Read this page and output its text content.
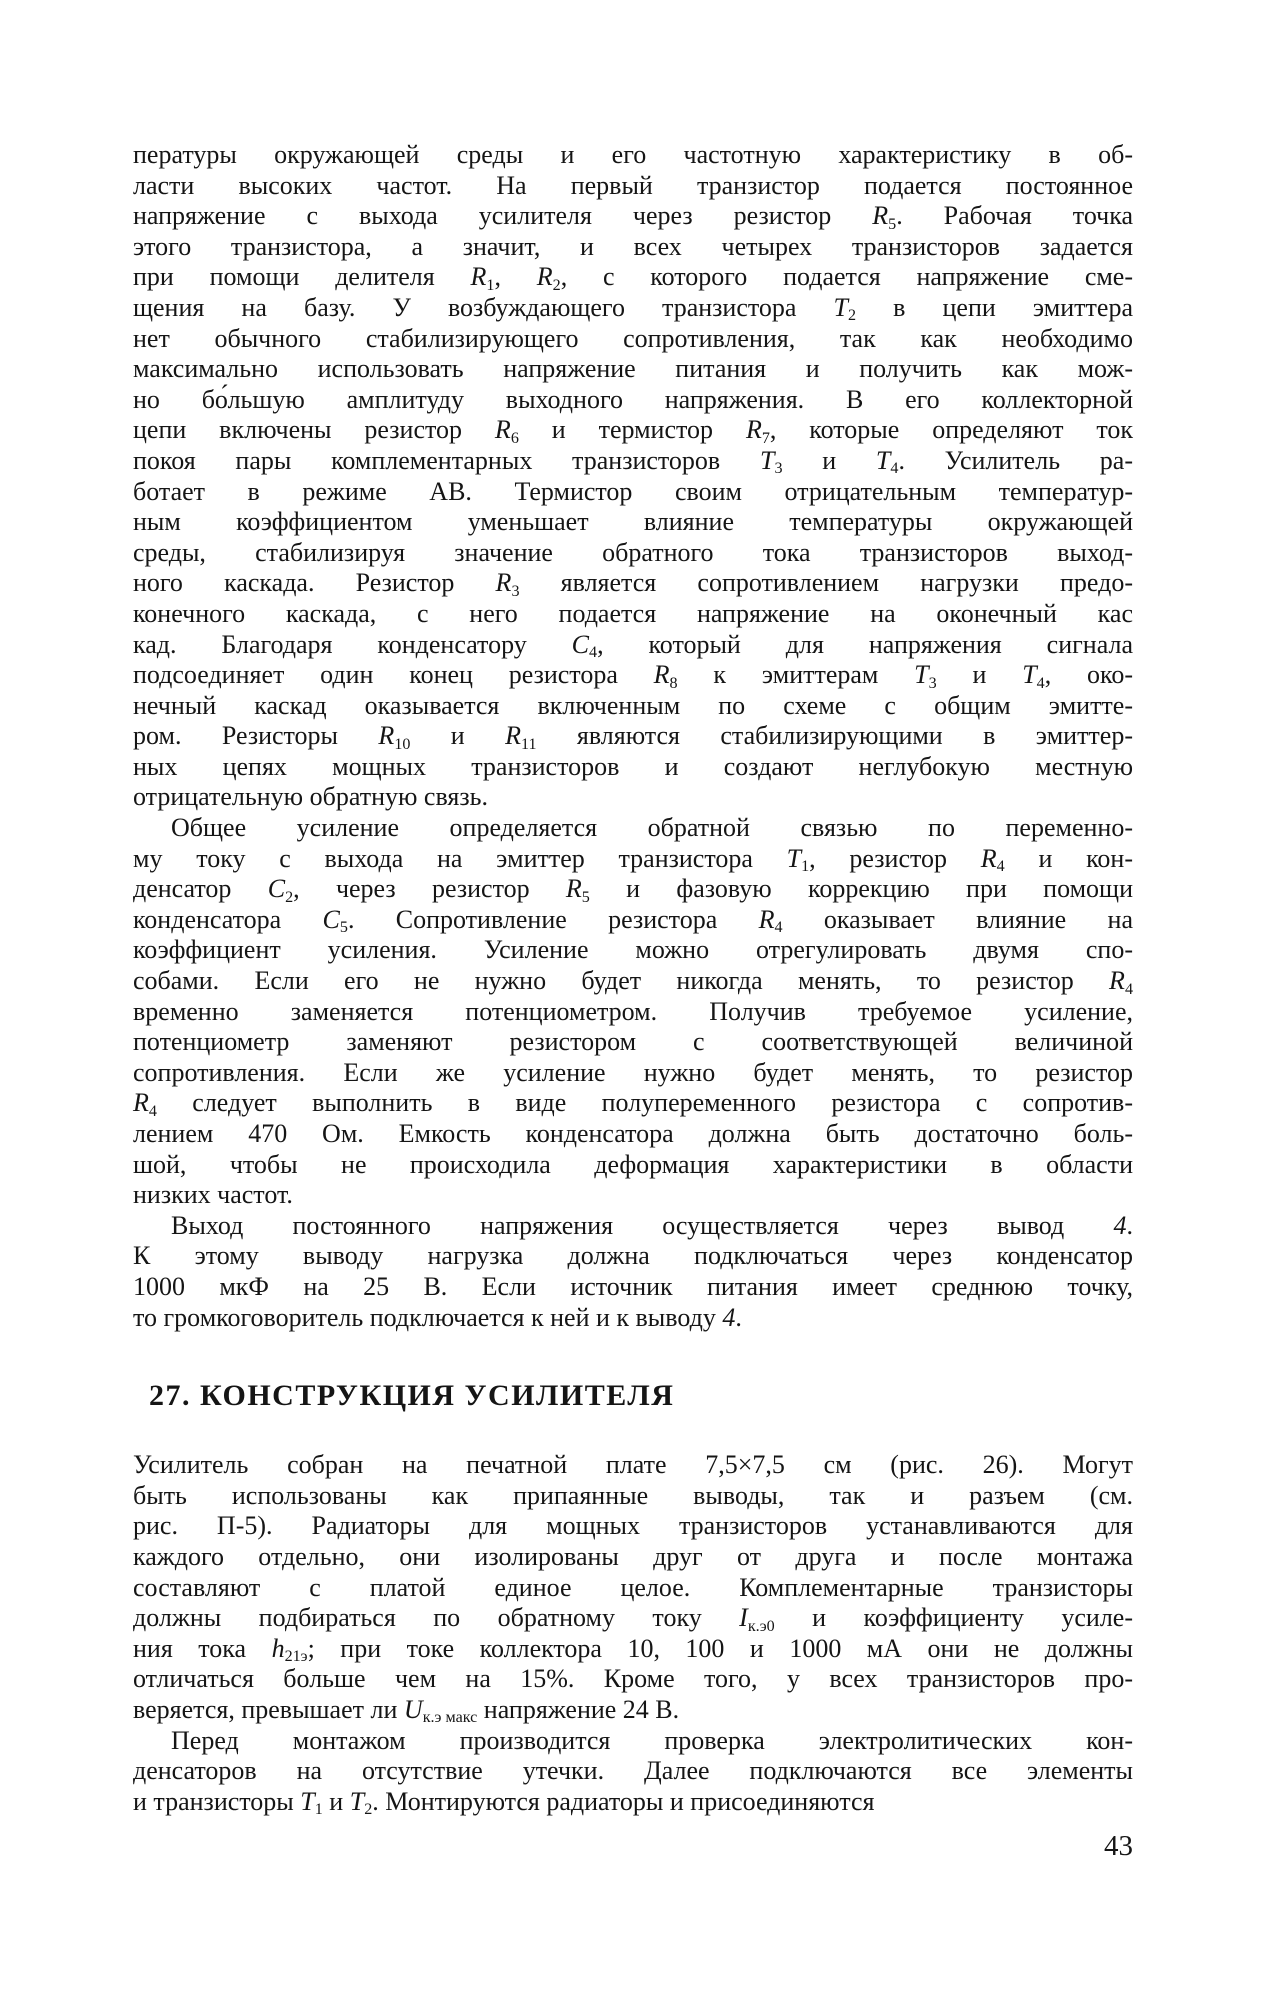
пературы окружающей среды и его частотную характеристику в об-
ласти высоких частот. На первый транзистор подается постоянное
напряжение с выхода усилителя через резистор $R_5$. Рабочая точка
этого транзистора, а значит, и всех четырех транзисторов задается
при помощи делителя $R_1$, $R_2$, с которого подается напряжение сме-
щения на базу. У возбуждающего транзистора $Т_2$ в цепи эмиттера
нет обычного стабилизирующего сопротивления, так как необходимо
максимально использовать напряжение питания и получить как мож-
но бо́льшую амплитуду выходного напряжения. В его коллекторной
цепи включены резистор $R_6$ и термистор $R_7$, которые определяют ток
покоя пары комплементарных транзисторов $Т_3$ и $Т_4$. Усилитель ра-
ботает в режиме АВ. Термистор своим отрицательным температур-
ным коэффициентом уменьшает влияние температуры окружающей
среды, стабилизируя значение обратного тока транзисторов выход-
ного каскада. Резистор $R_3$ является сопротивлением нагрузки предо-
конечного каскада, с него подается напряжение на оконечный кас
кад. Благодаря конденсатору $C_4$, который для напряжения сигнала
подсоединяет один конец резистора $R_8$ к эмиттерам $Т_3$ и $Т_4$, око-
нечный каскад оказывается включенным по схеме с общим эмитте-
ром. Резисторы $R_{10}$ и $R_{11}$ являются стабилизирующими в эмиттер-
ных цепях мощных транзисторов и создают неглубокую местную
отрицательную обратную связь.
Общее усиление определяется обратной связью по переменно-
му току с выхода на эмиттер транзистора $Т_1$, резистор $R_4$ и кон-
денсатор $C_2$, через резистор $R_5$ и фазовую коррекцию при помощи
конденсатора $C_5$. Сопротивление резистора $R_4$ оказывает влияние на
коэффициент усиления. Усиление можно отрегулировать двумя спо-
собами. Если его не нужно будет никогда менять, то резистор $R_4$
временно заменяется потенциометром. Получив требуемое усиление,
потенциометр заменяют резистором с соответствующей величиной
сопротивления. Если же усиление нужно будет менять, то резистор
$R_4$ следует выполнить в виде полупеременного резистора с сопротив-
лением 470 Ом. Емкость конденсатора должна быть достаточно боль-
шой, чтобы не происходила деформация характеристики в области
низких частот.
Выход постоянного напряжения осуществляется через вывод 4.
К этому выводу нагрузка должна подключаться через конденсатор
1000 мкФ на 25 В. Если источник питания имеет среднюю точку,
то громкоговоритель подключается к ней и к выводу 4.
27. КОНСТРУКЦИЯ УСИЛИТЕЛЯ
Усилитель собран на печатной плате 7,5×7,5 см (рис. 26). Могут
быть использованы как припаянные выводы, так и разъем (см.
рис. П-5). Радиаторы для мощных транзисторов устанавливаются для
каждого отдельно, они изолированы друг от друга и после монтажа
составляют с платой единое целое. Комплементарные транзисторы
должны подбираться по обратному току $I_{к.э0}$ и коэффициенту усиле-
ния тока $h_{21э}$; при токе коллектора 10, 100 и 1000 мА они не должны
отличаться больше чем на 15%. Кроме того, у всех транзисторов про-
веряется, превышает ли $U_{к.э макс}$ напряжение 24 В.
Перед монтажом производится проверка электролитических кон-
денсаторов на отсутствие утечки. Далее подключаются все элементы
и транзисторы $Т_1$ и $Т_2$. Монтируются радиаторы и присоединяются
43
